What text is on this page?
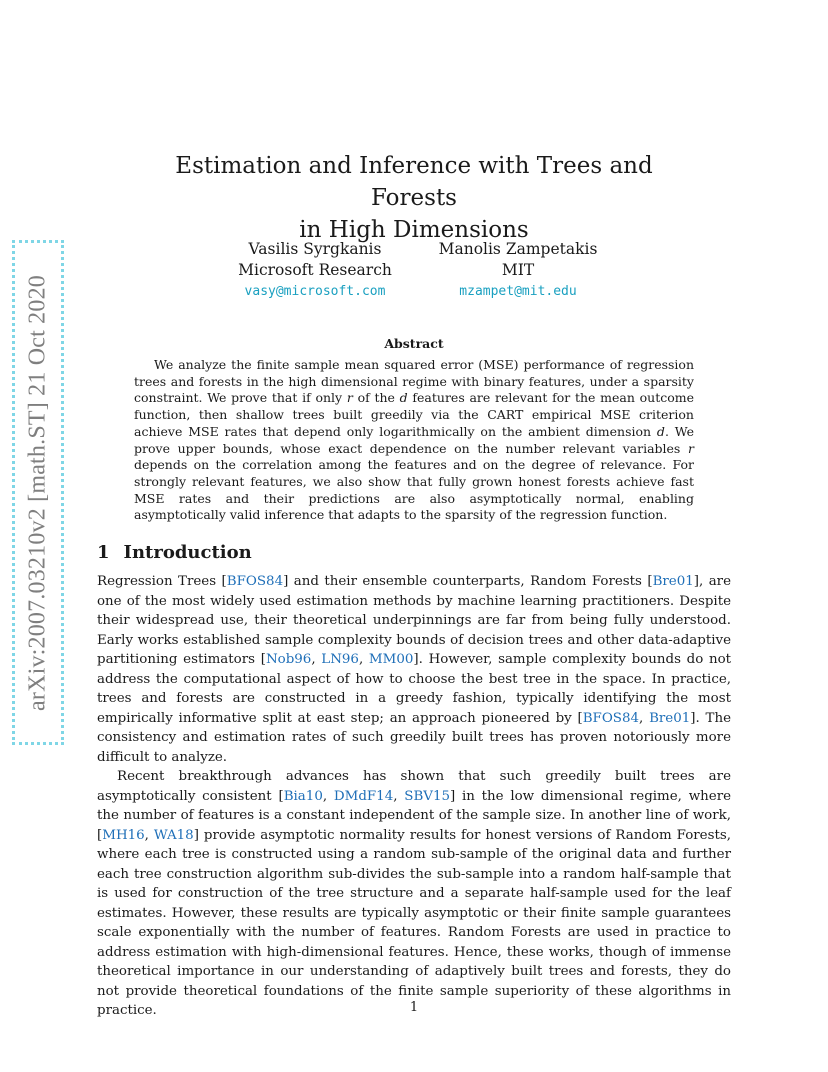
arXiv:2007.03210v2 [math.ST] 21 Oct 2020
Estimation and Inference with Trees and Forests
in High Dimensions
Vasilis Syrgkanis
Microsoft Research
vasy@microsoft.com
Manolis Zampetakis
MIT
mzampet@mit.edu
Abstract
We analyze the finite sample mean squared error (MSE) performance of regression trees and forests in the high dimensional regime with binary features, under a sparsity constraint. We prove that if only r of the d features are relevant for the mean outcome function, then shallow trees built greedily via the CART empirical MSE criterion achieve MSE rates that depend only logarithmically on the ambient dimension d. We prove upper bounds, whose exact dependence on the number relevant variables r depends on the correlation among the features and on the degree of relevance. For strongly relevant features, we also show that fully grown honest forests achieve fast MSE rates and their predictions are also asymptotically normal, enabling asymptotically valid inference that adapts to the sparsity of the regression function.
1 Introduction

Regression Trees [BFOS84] and their ensemble counterparts, Random Forests [Bre01], are one of the most widely used estimation methods by machine learning practitioners. Despite their widespread use, their theoretical underpinnings are far from being fully understood. Early works established sample complexity bounds of decision trees and other data-adaptive partitioning estimators [Nob96, LN96, MM00]. However, sample complexity bounds do not address the computational aspect of how to choose the best tree in the space. In practice, trees and forests are constructed in a greedy fashion, typically identifying the most empirically informative split at east step; an approach pioneered by [BFOS84, Bre01]. The consistency and estimation rates of such greedily built trees has proven notoriously more difficult to analyze.

Recent breakthrough advances has shown that such greedily built trees are asymptotically consistent [Bia10, DMdF14, SBV15] in the low dimensional regime, where the number of features is a constant independent of the sample size. In another line of work, [MH16, WA18] provide asymptotic normality results for honest versions of Random Forests, where each tree is constructed using a random sub-sample of the original data and further each tree construction algorithm sub-divides the sub-sample into a random half-sample that is used for construction of the tree structure and a separate half-sample used for the leaf estimates. However, these results are typically asymptotic or their finite sample guarantees scale exponentially with the number of features. Random Forests are used in practice to address estimation with high-dimensional features. Hence, these works, though of immense theoretical importance in our understanding of adaptively built trees and forests, they do not provide theoretical foundations of the finite sample superiority of these algorithms in practice.	1
